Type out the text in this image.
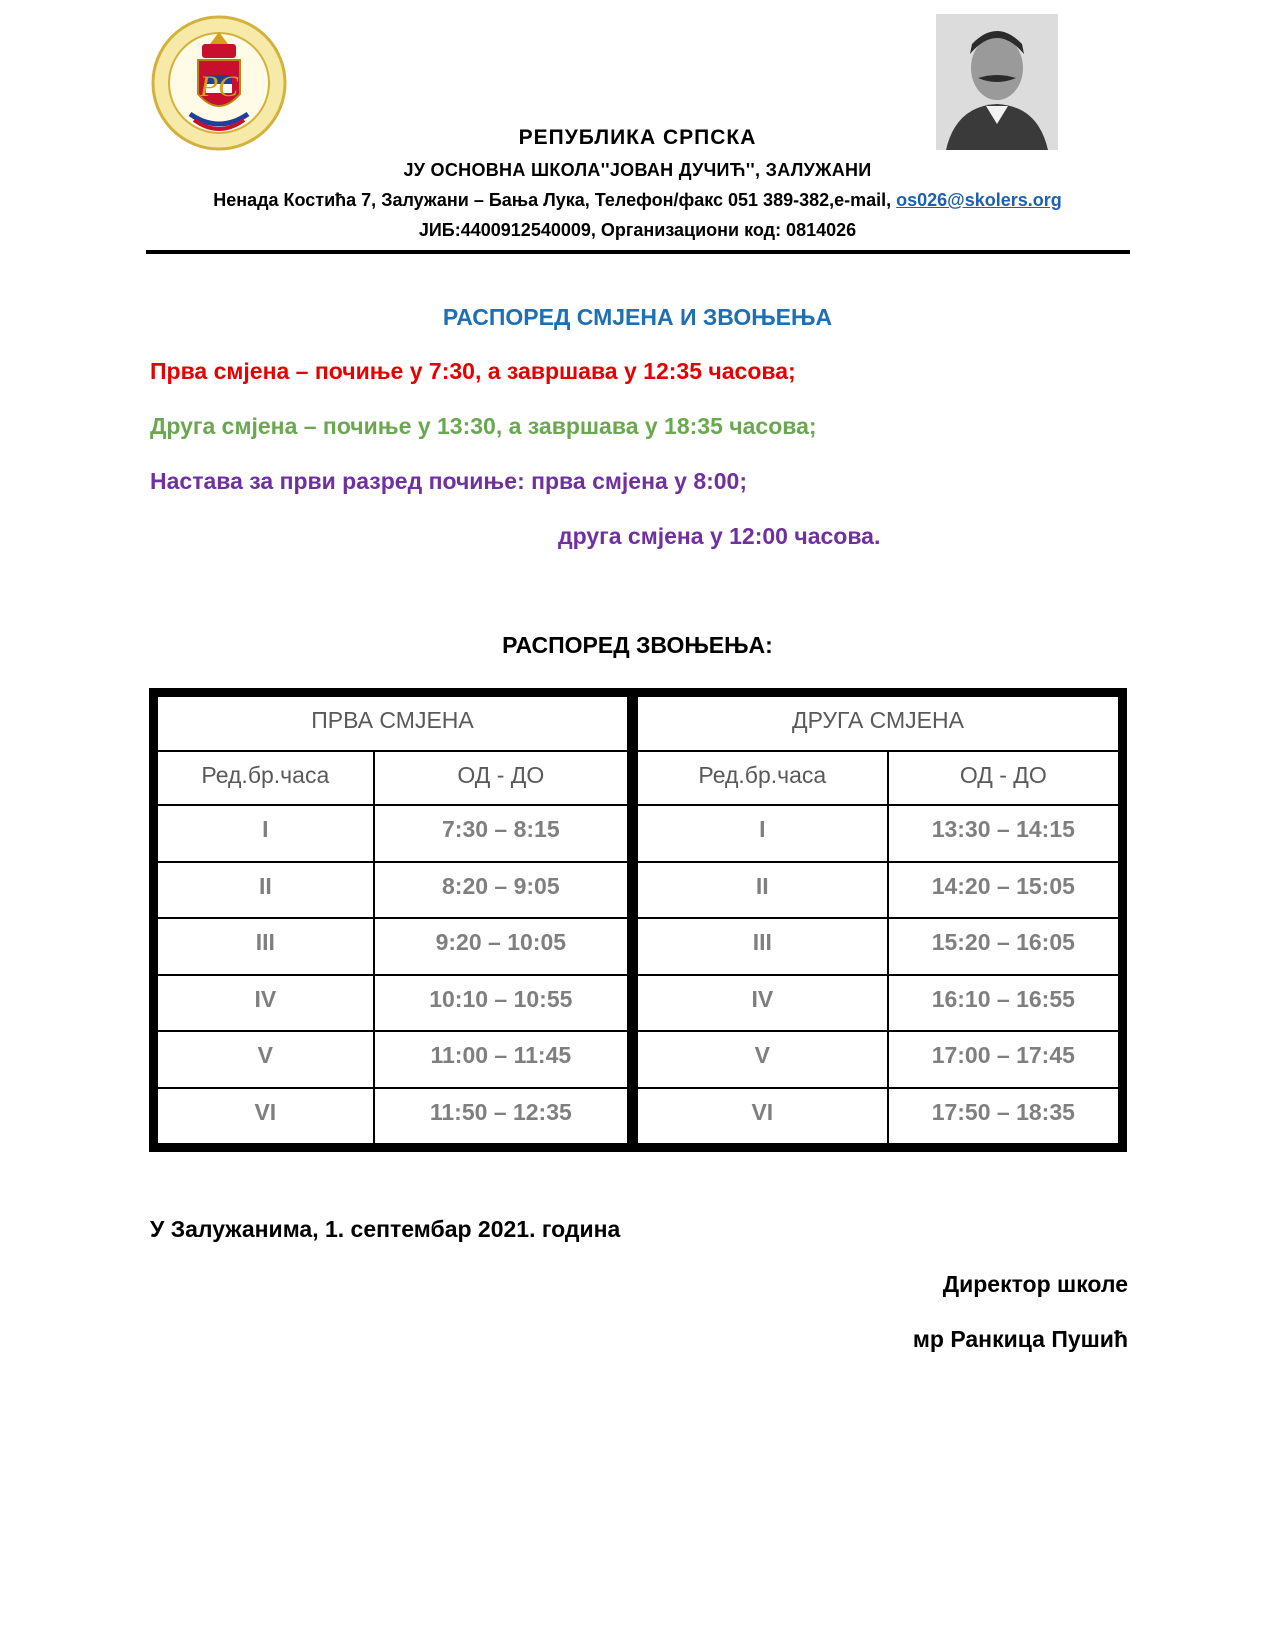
PC
РЕПУБЛИКА СРПСКА
ЈУ ОСНОВНА ШКОЛА''ЈОВАН ДУЧИЋ'', ЗАЛУЖАНИ
Ненада Костића 7, Залужани – Бања Лука, Телефон/факс 051 389-382,e-mail, os026@skolers.org
ЈИБ:4400912540009, Организациони код: 0814026
РАСПОРЕД СМЈЕНА И ЗВОЊЕЊА
Прва смјена – почиње у 7:30, а завршава у 12:35 часова;
Друга смјена – почиње у 13:30, а завршава у 18:35 часова;
Настава за први разред почиње: прва смјена у 8:00;
друга смјена у 12:00 часова.
РАСПОРЕД ЗВОЊЕЊА:
ПРВА СМЈЕНА	
Ред.бр.часа	ОД - ДО
I	7:30 – 8:15
II	8:20 – 9:05
III	9:20 – 10:05
IV	10:10 – 10:55
V	11:00 – 11:45
VI	11:50 – 12:35
ДРУГА СМЈЕНА	
Ред.бр.часа	ОД - ДО
I	13:30 – 14:15
II	14:20 – 15:05
III	15:20 – 16:05
IV	16:10 – 16:55
V	17:00 – 17:45
VI	17:50 – 18:35
У Залужанима, 1. септембар 2021. година
Директор школе
мр Ранкица Пушић
